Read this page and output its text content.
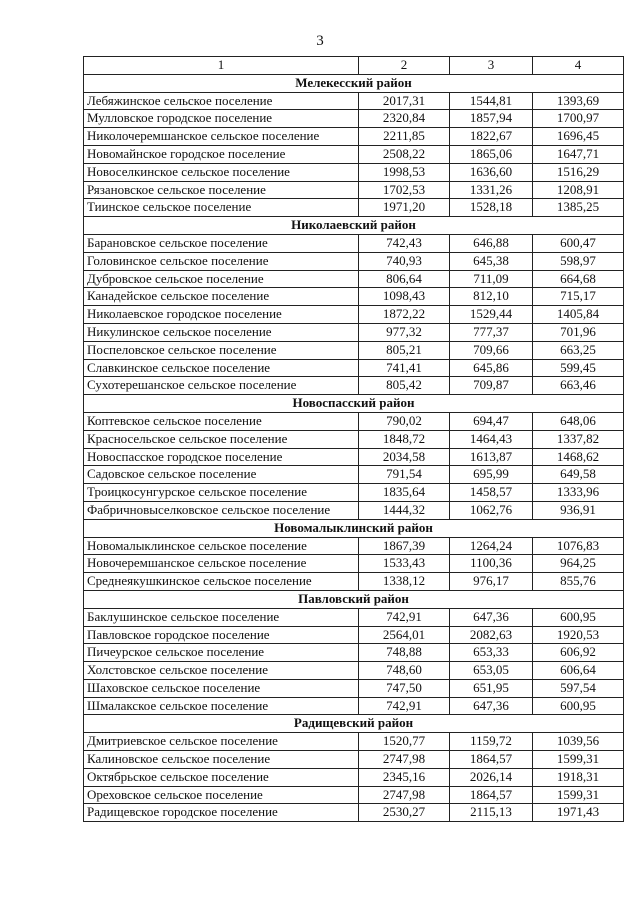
3
1	2	3	4
Мелекесский район			
Лебяжинское сельское поселение	2017,31	1544,81	1393,69
Мулловское городское поселение	2320,84	1857,94	1700,97
Николочеремшанское сельское поселение	2211,85	1822,67	1696,45
Новомайнское городское поселение	2508,22	1865,06	1647,71
Новоселкинское сельское поселение	1998,53	1636,60	1516,29
Рязановское сельское поселение	1702,53	1331,26	1208,91
Тиинское сельское поселение	1971,20	1528,18	1385,25
Николаевский район			
Барановское сельское поселение	742,43	646,88	600,47
Головинское сельское поселение	740,93	645,38	598,97
Дубровское сельское поселение	806,64	711,09	664,68
Канадейское сельское поселение	1098,43	812,10	715,17
Николаевское городское поселение	1872,22	1529,44	1405,84
Никулинское сельское поселение	977,32	777,37	701,96
Поспеловское сельское поселение	805,21	709,66	663,25
Славкинское сельское поселение	741,41	645,86	599,45
Сухотерешанское сельское поселение	805,42	709,87	663,46
Новоспасский район			
Коптевское сельское поселение	790,02	694,47	648,06
Красносельское сельское поселение	1848,72	1464,43	1337,82
Новоспасское городское поселение	2034,58	1613,87	1468,62
Садовское сельское поселение	791,54	695,99	649,58
Троицкосунгурское сельское поселение	1835,64	1458,57	1333,96
Фабричновыселковское сельское поселение	1444,32	1062,76	936,91
Новомалыклинский район			
Новомалыклинское сельское поселение	1867,39	1264,24	1076,83
Новочеремшанское сельское поселение	1533,43	1100,36	964,25
Среднеякушкинское сельское поселение	1338,12	976,17	855,76
Павловский район			
Баклушинское сельское поселение	742,91	647,36	600,95
Павловское городское поселение	2564,01	2082,63	1920,53
Пичеурское сельское поселение	748,88	653,33	606,92
Холстовское сельское поселение	748,60	653,05	606,64
Шаховское сельское поселение	747,50	651,95	597,54
Шмалакское сельское поселение	742,91	647,36	600,95
Радищевский район			
Дмитриевское сельское поселение	1520,77	1159,72	1039,56
Калиновское сельское поселение	2747,98	1864,57	1599,31
Октябрьское сельское поселение	2345,16	2026,14	1918,31
Ореховское сельское поселение	2747,98	1864,57	1599,31
Радищевское городское поселение	2530,27	2115,13	1971,43
